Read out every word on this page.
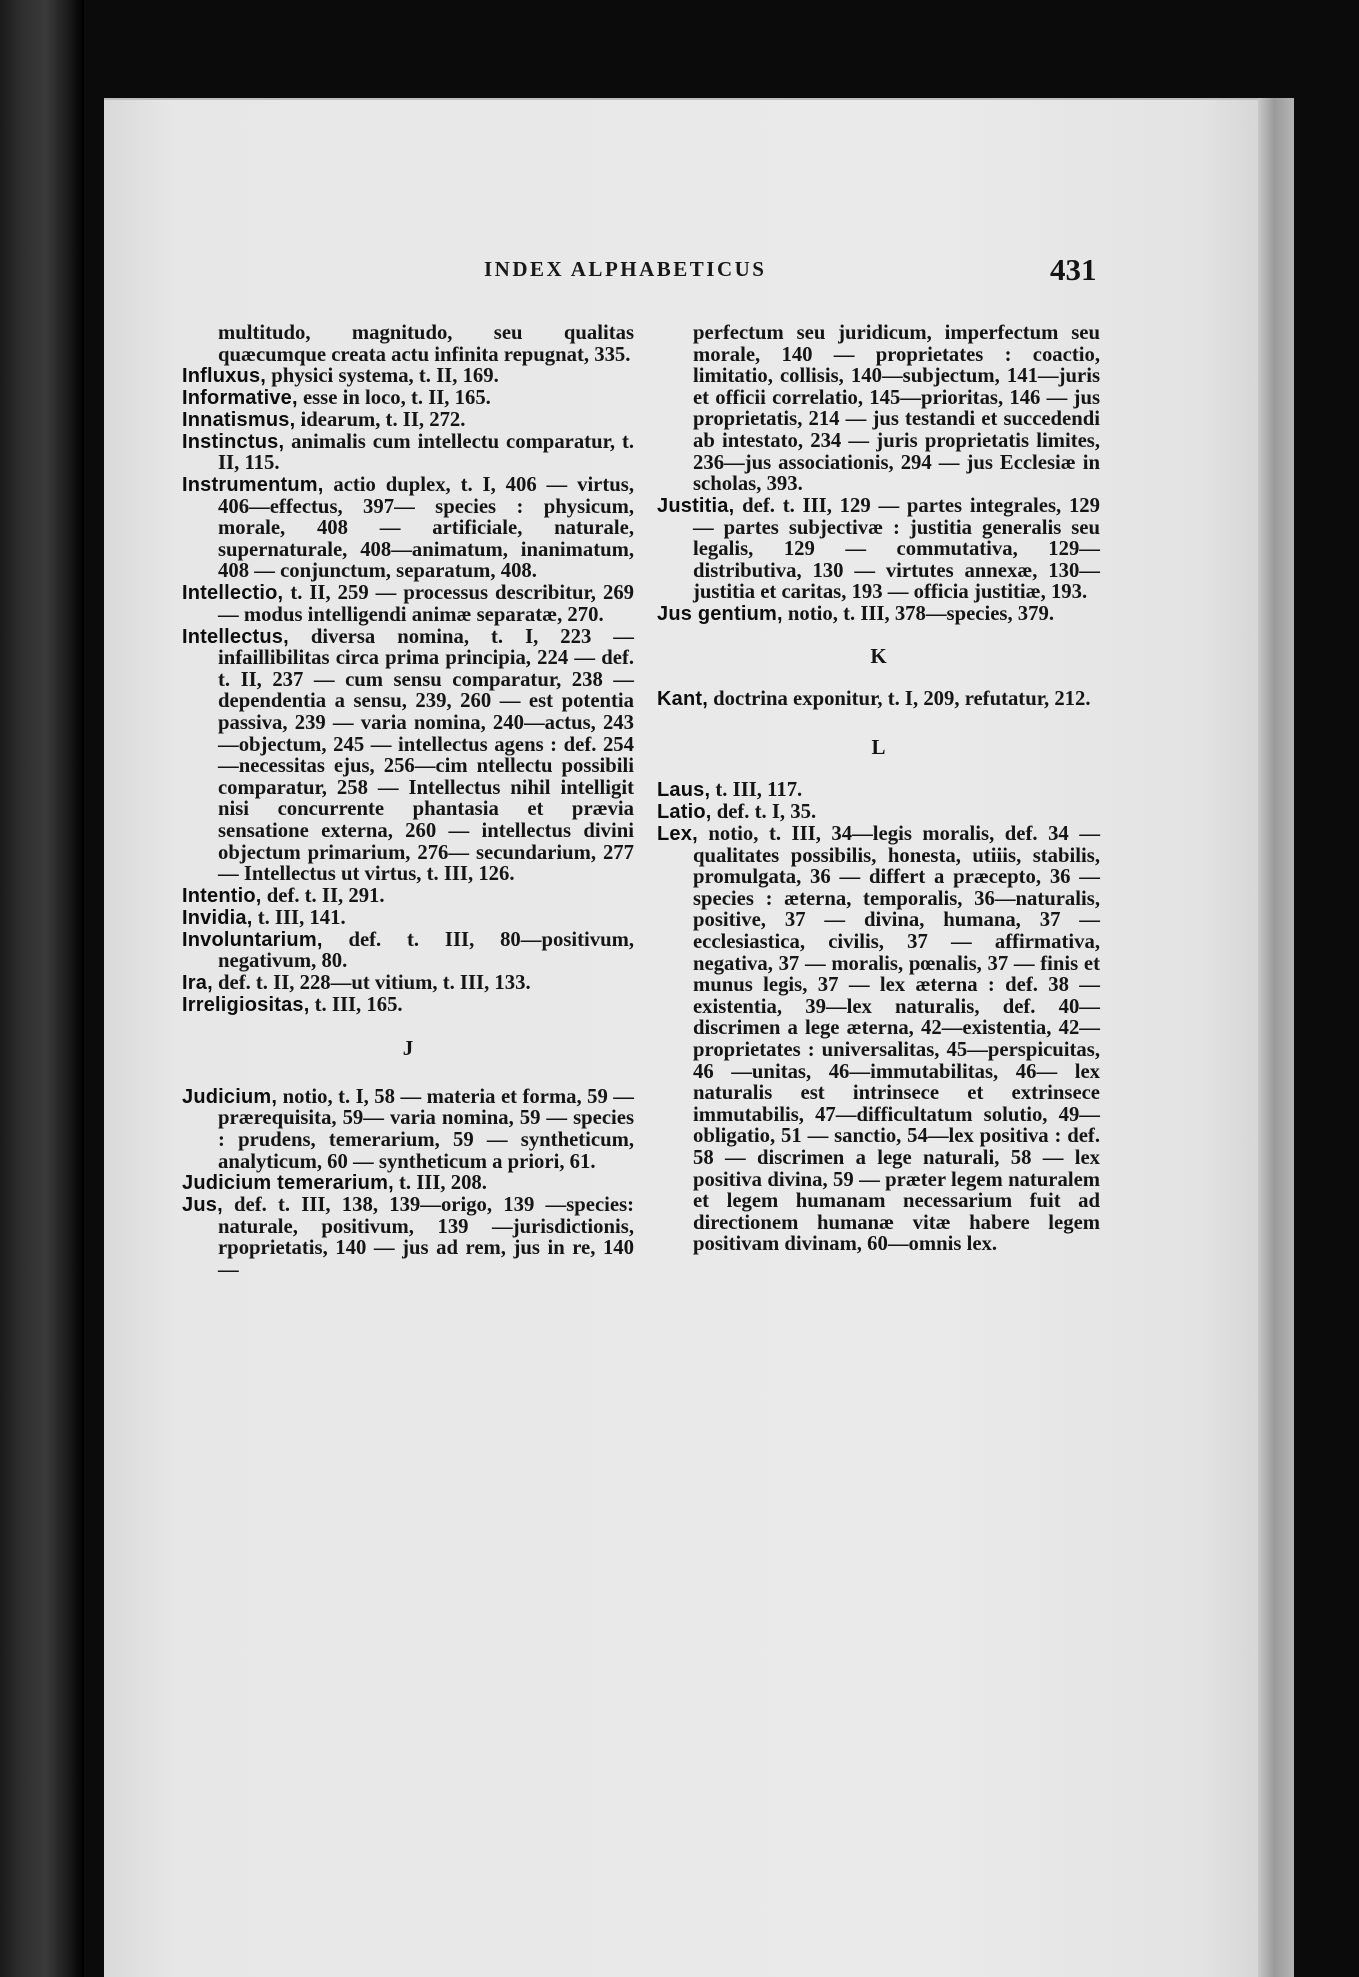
INDEX ALPHABETICUS	431

multitudo, magnitudo, seu qualitas quæcumque creata actu infinita repugnat, 335.

Influxus, physici systema, t. II, 169.

Informative, esse in loco, t. II, 165.

Innatismus, idearum, t. II, 272.

Instinctus, animalis cum intellectu comparatur, t. II, 115.

Instrumentum, actio duplex, t. I, 406 — virtus, 406—effectus, 397— species : physicum, morale, 408 — artificiale, naturale, supernaturale, 408—animatum, inanimatum, 408 — conjunctum, separatum, 408.

Intellectio, t. II, 259 — processus describitur, 269 — modus intelligendi animæ separatæ, 270.

Intellectus, diversa nomina, t. I, 223 — infaillibilitas circa prima principia, 224 — def. t. II, 237 — cum sensu comparatur, 238 — dependentia a sensu, 239, 260 — est potentia passiva, 239 — varia nomina, 240—actus, 243—objectum, 245 — intellectus agens : def. 254 —necessitas ejus, 256—cim ntellectu possibili comparatur, 258 — Intellectus nihil intelligit nisi concurrente phantasia et prævia sensatione externa, 260 — intellectus divini objectum primarium, 276— secundarium, 277 — Intellectus ut virtus, t. III, 126.

Intentio, def. t. II, 291.

Invidia, t. III, 141.

Involuntarium, def. t. III, 80—positivum, negativum, 80.

Ira, def. t. II, 228—ut vitium, t. III, 133.

Irreligiositas, t. III, 165.

J

Judicium, notio, t. I, 58 — materia et forma, 59 — prærequisita, 59— varia nomina, 59 — species : prudens, temerarium, 59 — syntheticum, analyticum, 60 — syntheticum a priori, 61.

Judicium temerarium, t. III, 208.

Jus, def. t. III, 138, 139—origo, 139 —species: naturale, positivum, 139 —jurisdictionis, rpoprietatis, 140 — jus ad rem, jus in re, 140 —

perfectum seu juridicum, imperfectum seu morale, 140 — proprietates : coactio, limitatio, collisis, 140—subjectum, 141—juris et officii correlatio, 145—prioritas, 146 — jus proprietatis, 214 — jus testandi et succedendi ab intestato, 234 — juris proprietatis limites, 236—jus associationis, 294 — jus Ecclesiæ in scholas, 393.

Justitia, def. t. III, 129 — partes integrales, 129 — partes subjectivæ : justitia generalis seu legalis, 129 — commutativa, 129—distributiva, 130 — virtutes annexæ, 130—justitia et caritas, 193 — officia justitiæ, 193.

Jus gentium, notio, t. III, 378—species, 379.

K

Kant, doctrina exponitur, t. I, 209, refutatur, 212.

L

Laus, t. III, 117.

Latio, def. t. I, 35.

Lex, notio, t. III, 34—legis moralis, def. 34 — qualitates possibilis, honesta, utiiis, stabilis, promulgata, 36 — differt a præcepto, 36 — species : æterna, temporalis, 36—naturalis, positive, 37 — divina, humana, 37 — ecclesiastica, civilis, 37 — affirmativa, negativa, 37 — moralis, pœnalis, 37 — finis et munus legis, 37 — lex æterna : def. 38 — existentia, 39—lex naturalis, def. 40—discrimen a lege æterna, 42—existentia, 42—proprietates : universalitas, 45—perspicuitas, 46 —unitas, 46—immutabilitas, 46— lex naturalis est intrinsece et extrinsece immutabilis, 47—difficultatum solutio, 49—obligatio, 51 — sanctio, 54—lex positiva : def. 58 — discrimen a lege naturali, 58 — lex positiva divina, 59 — præter legem naturalem et legem humanam necessarium fuit ad directionem humanæ vitæ habere legem positivam divinam, 60—omnis lex.
